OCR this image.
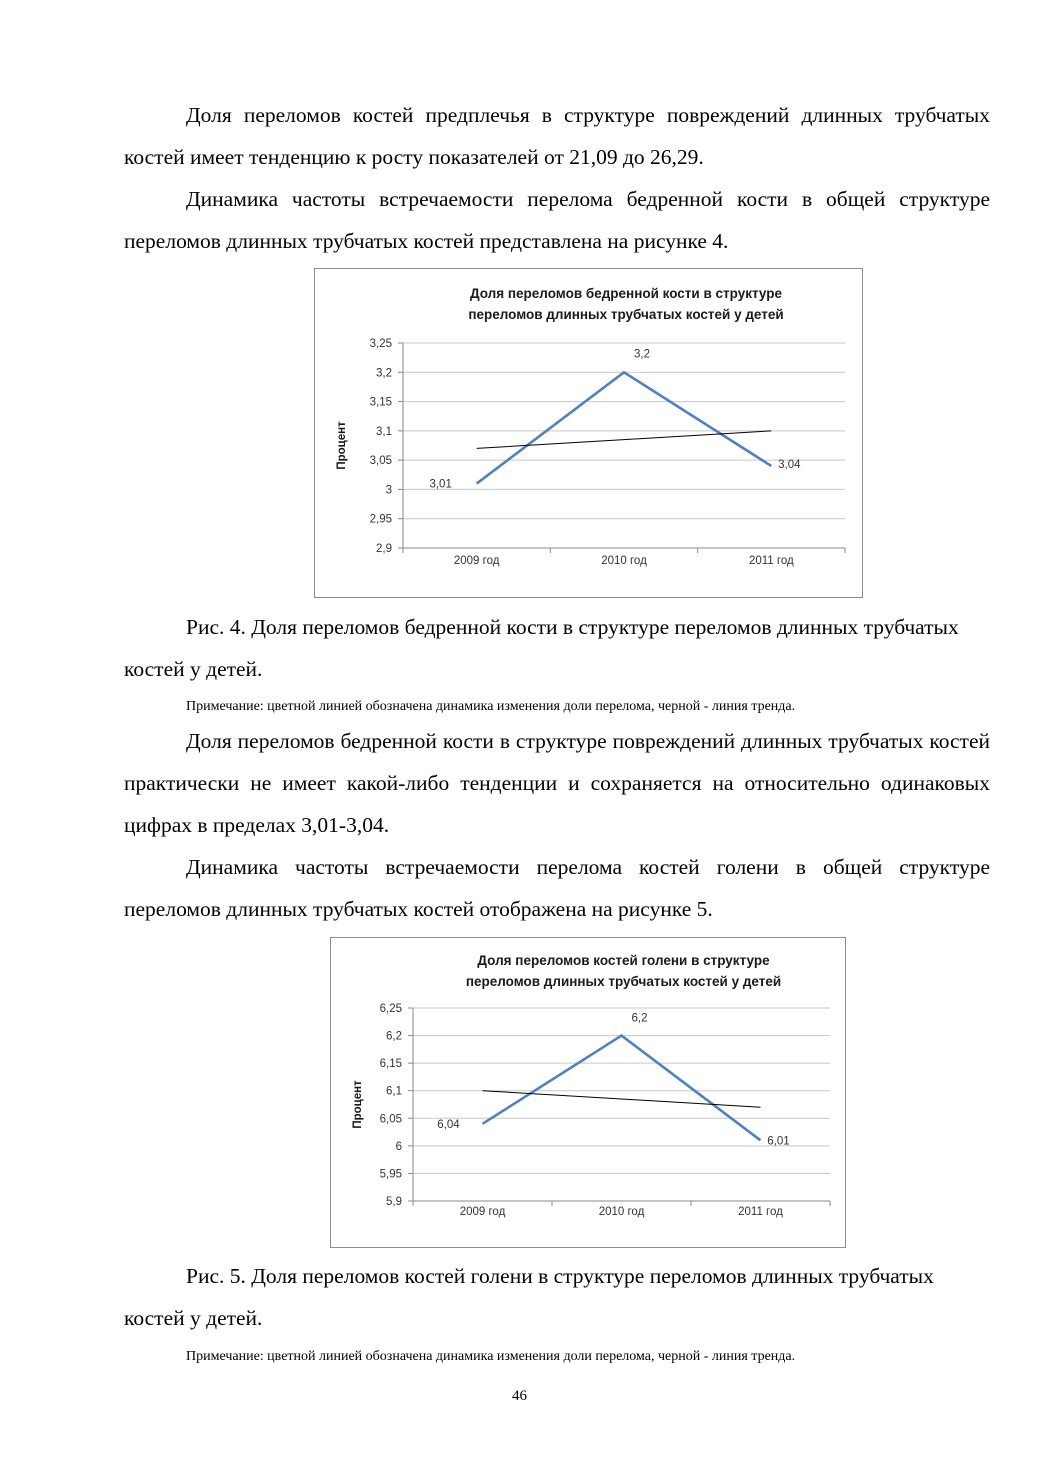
Доля переломов костей предплечья в структуре повреждений длинных трубчатых костей имеет тенденцию к росту показателей от 21,09 до 26,29.

Динамика частоты встречаемости перелома бедренной кости в общей структуре переломов длинных трубчатых костей представлена на рисунке 4.

Доля переломов бедренной кости в структуре
переломов длинных трубчатых костей у детей
2,9
2,95
3
3,05
3,1
3,15
3,2
3,25
2009 год	2010 год	2011 год
Процент
3,01
3,2
3,04

Рис. 4. Доля переломов бедренной кости в структуре переломов длинных трубчатых костей у детей.

Примечание: цветной линией обозначена динамика изменения доли перелома, черной - линия тренда.

Доля переломов бедренной кости в структуре повреждений длинных трубчатых костей практически не имеет какой-либо тенденции и сохраняется на относительно одинаковых цифрах в пределах 3,01-3,04.

Динамика частоты встречаемости перелома костей голени в общей структуре переломов длинных трубчатых костей отображена на рисунке 5.

Доля переломов костей голени в структуре
переломов длинных трубчатых костей у детей
5,9
5,95
6
6,05
6,1
6,15
6,2
6,25
2009 год	2010 год	2011 год
Процент	6,04
6,2
6,01

Рис. 5. Доля переломов костей голени в структуре переломов длинных трубчатых костей у детей.

Примечание: цветной линией обозначена динамика изменения доли перелома, черной - линия тренда.

46
